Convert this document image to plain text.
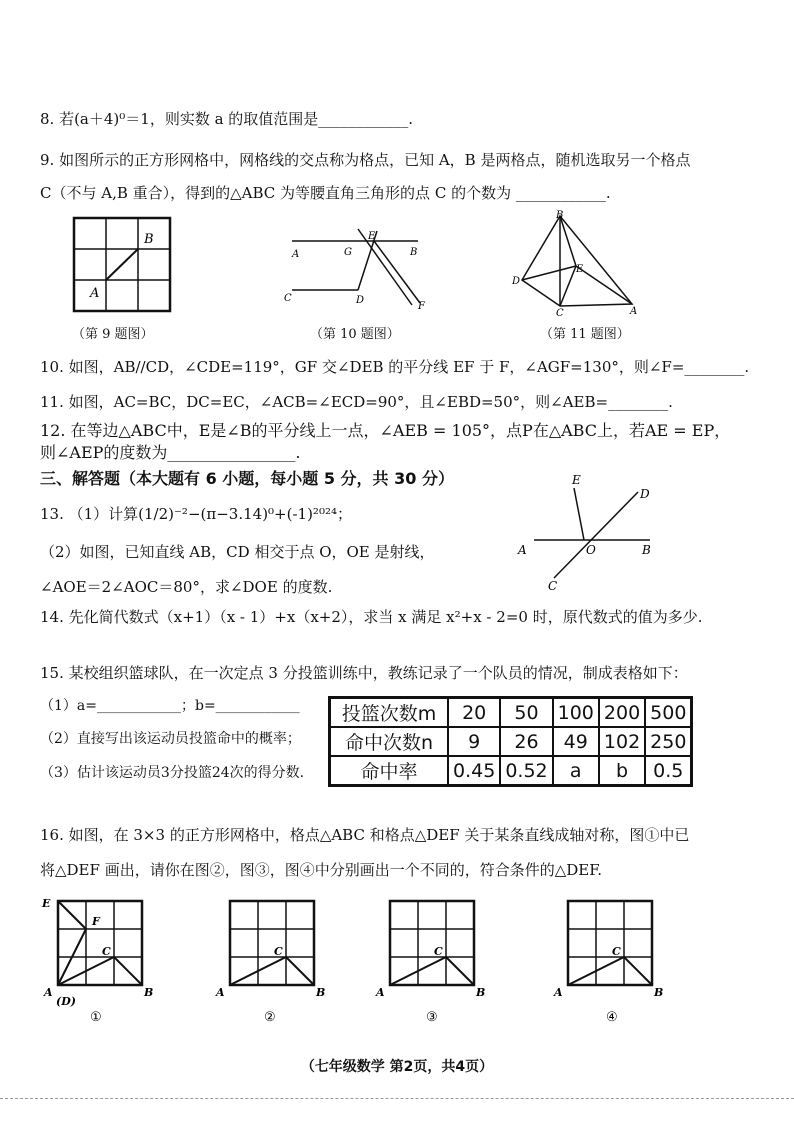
8. 若(a＋4)⁰＝1，则实数 a 的取值范围是____________.
9. 如图所示的正方形网格中，网格线的交点称为格点，已知 A，B 是两格点，随机选取另一个格点
C（不与 A,B 重合），得到的△ABC 为等腰直角三角形的点 C 的个数为 ____________.
B
A
（第 9 题图）
A	G
E
B
C	D
F
（第 10 题图）
B
D
E
C	A
（第 11 题图）
10. 如图，AB//CD，∠CDE=119°，GF 交∠DEB 的平分线 EF 于 F，∠AGF=130°，则∠F=________.
11. 如图，AC=BC，DC=EC，∠ACB=∠ECD=90°，且∠EBD=50°，则∠AEB=________.
12. 在等边△ABC中，E是∠B的平分线上一点，∠AEB = 105°，点P在△ABC上，若AE = EP，
则∠AEP的度数为________________.
三、解答题（本大题有 6 小题，每小题 5 分，共 30 分）
13. （1）计算(1/2)⁻²−(π−3.14)⁰+(-1)²⁰²⁴；
（2）如图，已知直线 AB，CD 相交于点 O，OE 是射线，
∠AOE＝2∠AOC＝80°，求∠DOE 的度数.
E
D
A	O	B
C
14. 先化简代数式（x+1）（x - 1）+x（x+2），求当 x 满足 x²+x - 2=0 时，原代数式的值为多少.
15. 某校组织篮球队，在一次定点 3 分投篮训练中，教练记录了一个队员的情况，制成表格如下：
（1）a=____________；b=____________
（2）直接写出该运动员投篮命中的概率；
（3）估计该运动员3分投篮24次的得分数.
投篮次数m	20	50	100	200	500
命中次数n	9	26	49	102	250
命中率	0.45	0.52	a	b	0.5
16. 如图，在 3×3 的正方形网格中，格点△ABC 和格点△DEF 关于某条直线成轴对称，图①中已
将△DEF 画出，请你在图②，图③，图④中分别画出一个不同的，符合条件的△DEF.
E
F
C
A
(D)
B
①
C
A	B
②
C
A	B
③
C
A	B
④
（七年级数学 第2页，共4页）
